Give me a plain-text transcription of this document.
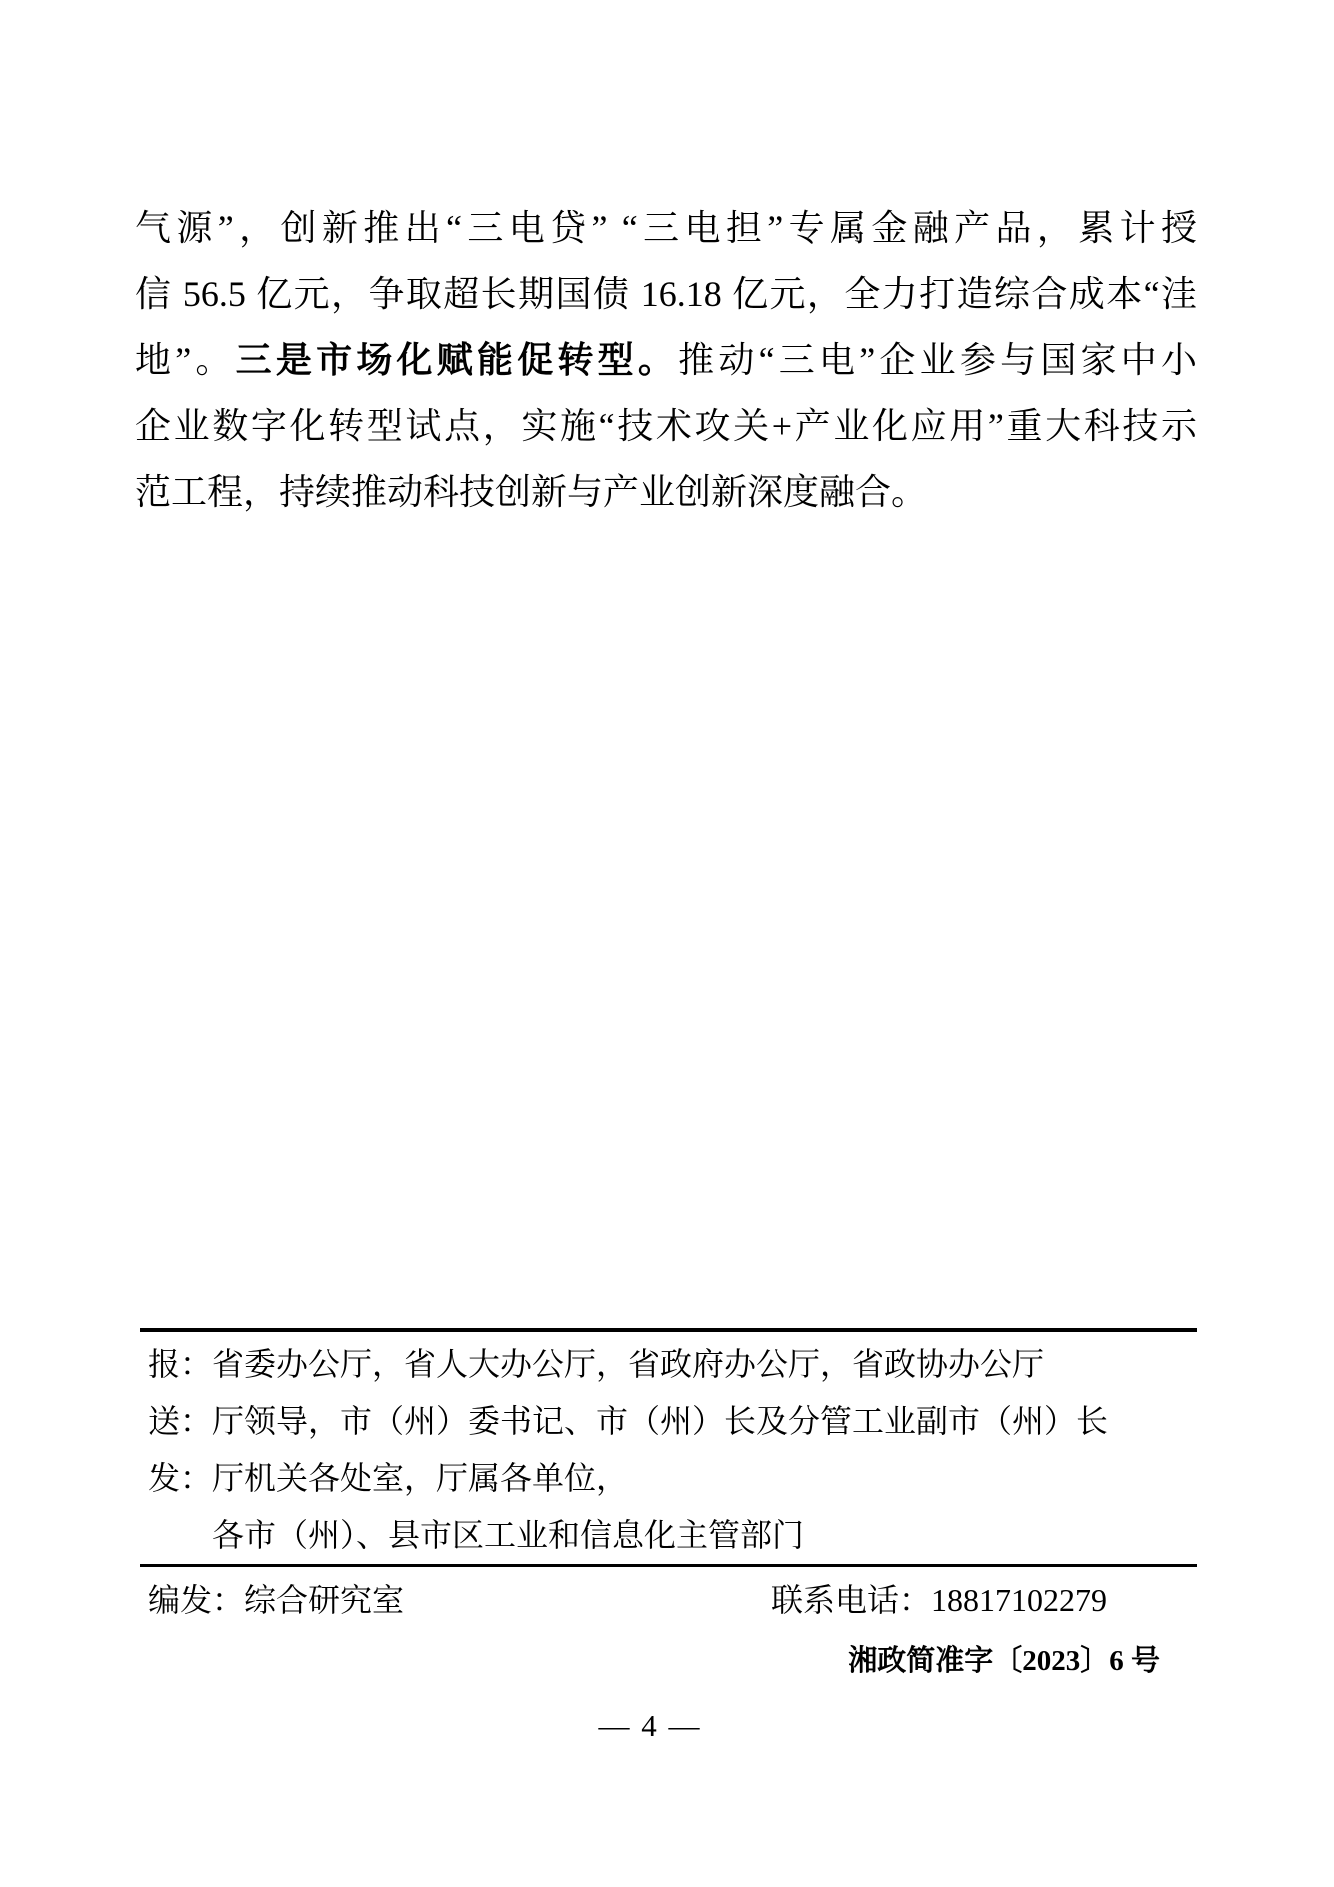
气源”，创新推出“三电贷” “三电担”专属金融产品，累计授
信 56.5 亿元，争取超长期国债 16.18 亿元，全力打造综合成本“洼
地”。三是市场化赋能促转型。推动“三电”企业参与国家中小
企业数字化转型试点，实施“技术攻关+产业化应用”重大科技示
范工程，持续推动科技创新与产业创新深度融合。
报：省委办公厅，省人大办公厅，省政府办公厅，省政协办公厅
送：厅领导，市（州）委书记、市（州）长及分管工业副市（州）长
发：厅机关各处室，厅属各单位，
各市（州）、县市区工业和信息化主管部门
编发：综合研究室	联系电话：18817102279
湘政简准字〔2023〕6 号
— 4 —
